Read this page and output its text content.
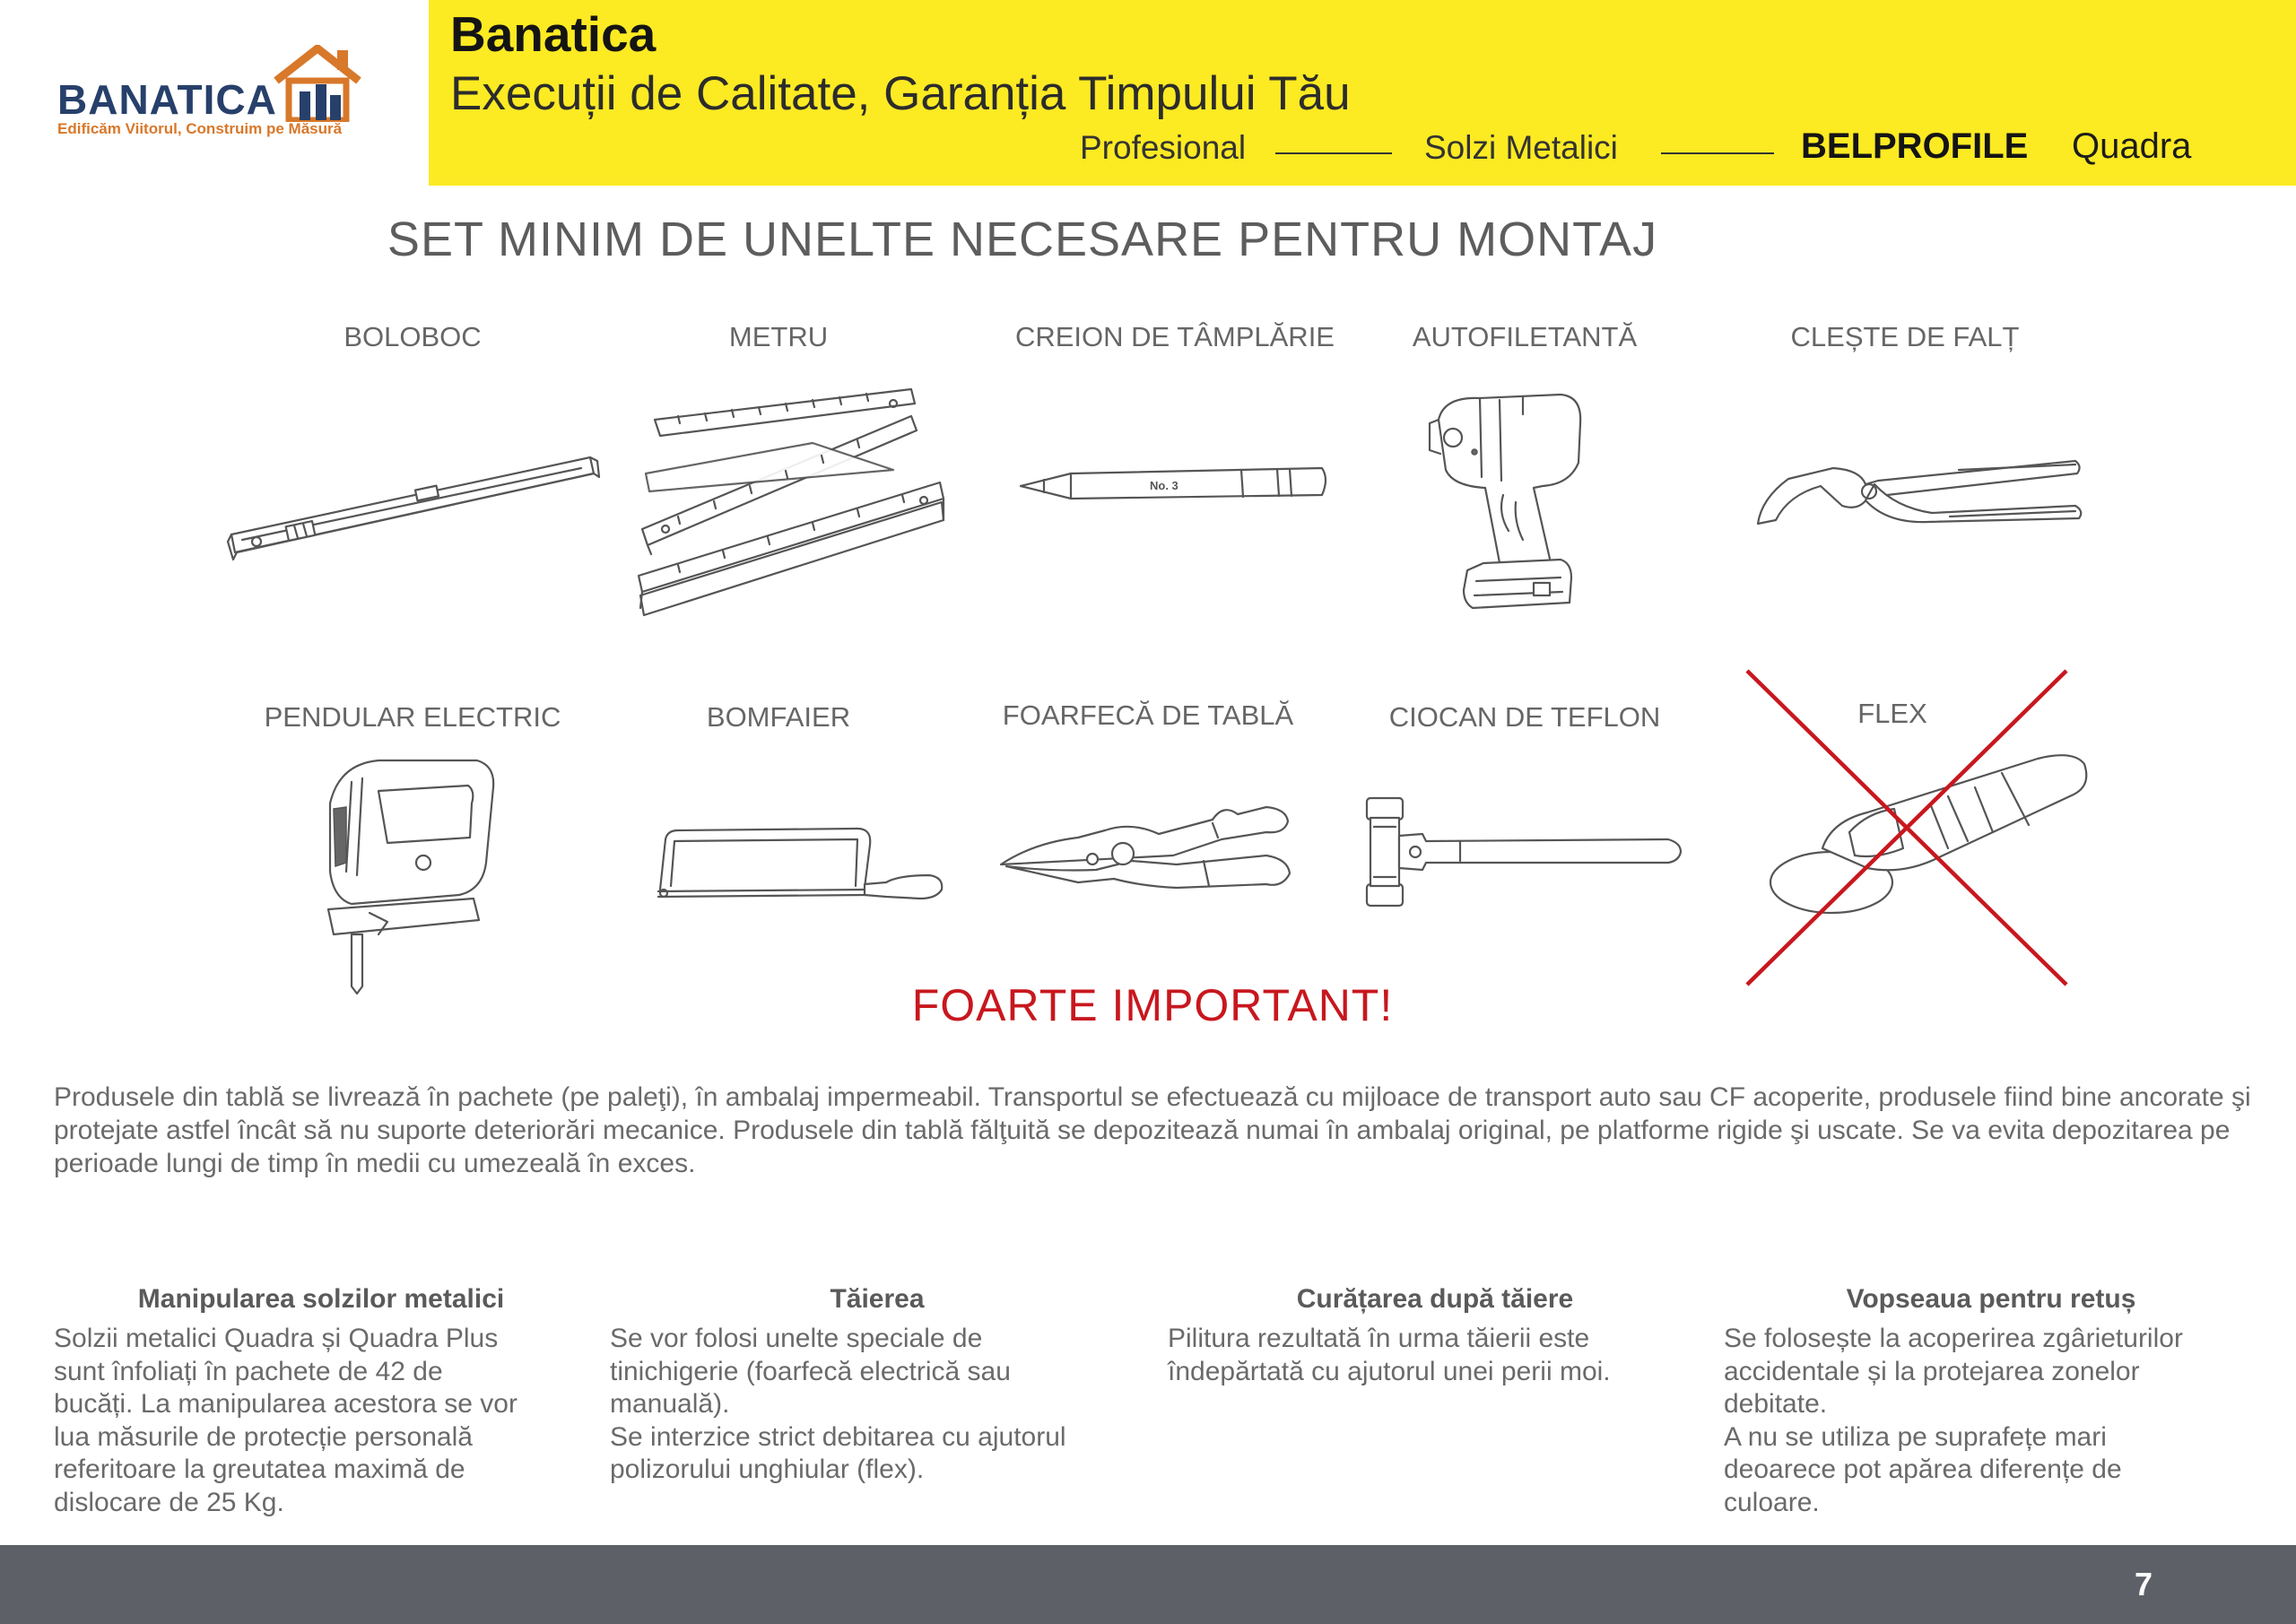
BANATICA
Edificăm Viitorul, Construim pe Măsură
Banatica
Execuții de Calitate, Garanția Timpului Tău
Profesional	Solzi Metalici	BELPROFILE Quadra
SET MINIM DE UNELTE NECESARE PENTRU MONTAJ
BOLOBOC	METRU	CREION DE TÂMPLĂRIE	AUTOFILETANTĂ	CLEȘTE DE FALȚ
No. 3
PENDULAR ELECTRIC	BOMFAIER	FOARFECĂ DE TABLĂ	CIOCAN DE TEFLON	FLEX
FOARTE IMPORTANT!
Produsele din tablă se livrează în pachete (pe paleţi), în ambalaj impermeabil. Transportul se efectuează cu mijloace de transport auto sau CF acoperite, produsele fiind bine ancorate şi protejate astfel încât să nu suporte deteriorări mecanice. Produsele din tablă fălţuită se depozitează numai în ambalaj original, pe platforme rigide şi uscate. Se va evita depozitarea pe perioade lungi de timp în medii cu umezeală în exces.
Manipularea solzilor metalici
Solzii metalici Quadra și Quadra Plus
sunt înfoliați în pachete de 42 de
bucăți. La manipularea acestora se vor
lua măsurile de protecție personală
referitoare la greutatea maximă de
dislocare de 25 Kg.
Tăierea
Se vor folosi unelte speciale de
tinichigerie (foarfecă electrică sau
manuală).
Se interzice strict debitarea cu ajutorul
polizorului unghiular (flex).
Curățarea după tăiere
Pilitura rezultată în urma tăierii este
îndepărtată cu ajutorul unei perii moi.
Vopseaua pentru retuș
Se folosește la acoperirea zgârieturilor
accidentale și la protejarea zonelor
debitate.
A nu se utiliza pe suprafețe mari
deoarece pot apărea diferențe de
culoare.
7
